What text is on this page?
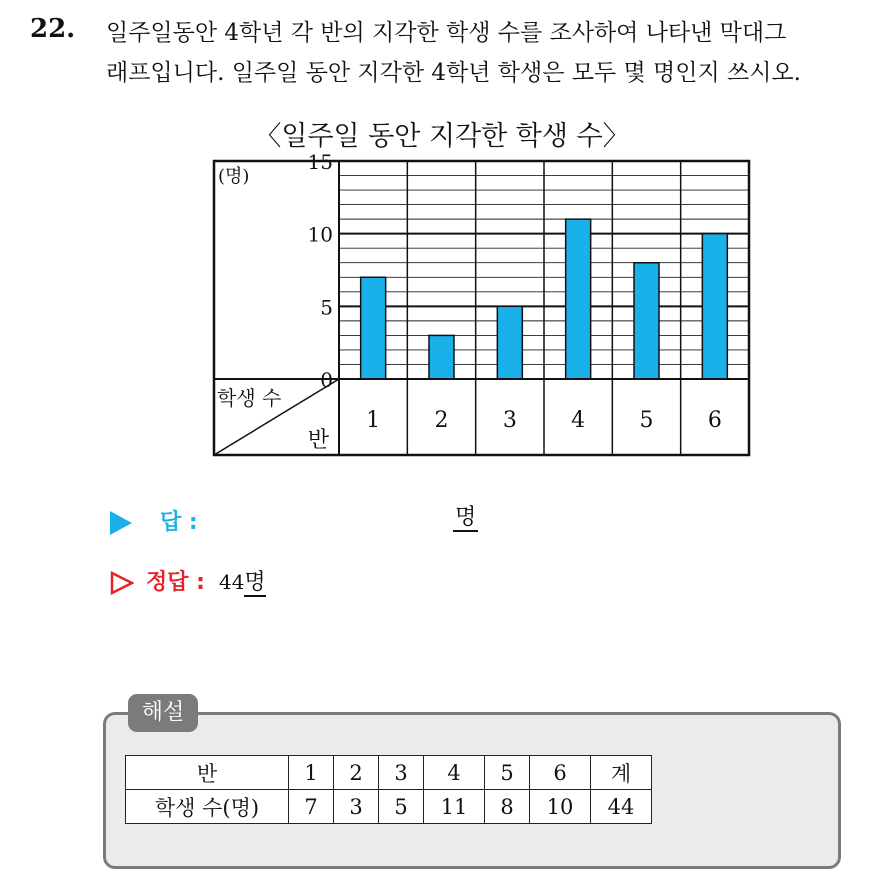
22. 일주일동안 4학년 각 반의 지각한 학생 수를 조사하여 나타낸 막대그
래프입니다. 일주일 동안 지각한 4학년 학생은 모두 몇 명인지 쓰시오.
〈일주일 동안 지각한 학생 수〉
15
10
5
0
(명)
학생 수
반
1 2 3 4 5 6
답 :	명
정답 : 44명
해설
반	1	2	3	4	5	6	계
학생 수(명)	7	3	5	11	8	10	44
